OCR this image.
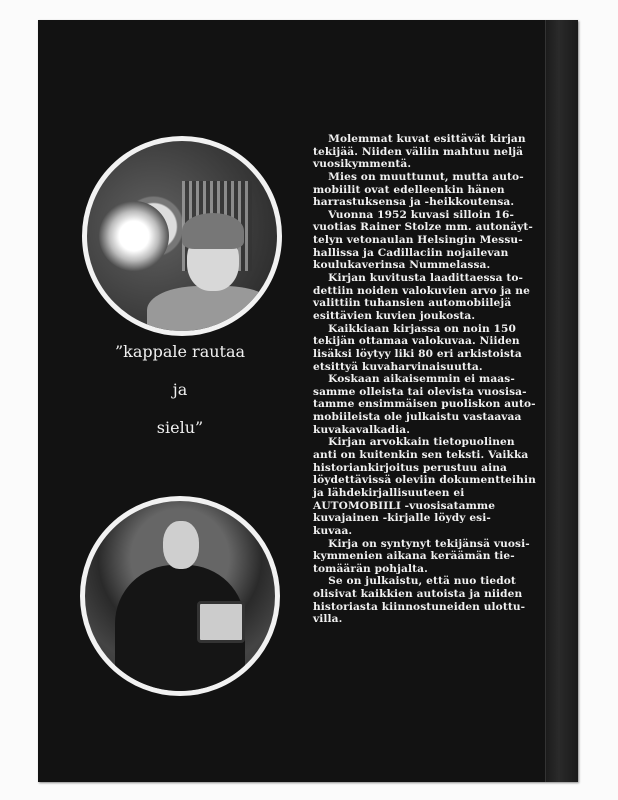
”kappale rautaa
ja
sielu”
Molemmat kuvat esittävät kirjan
tekijää. Niiden väliin mahtuu neljä
vuosikymmentä.
Mies on muuttunut, mutta auto-
mobiilit ovat edelleenkin hänen
harrastuksensa ja -heikkoutensa.
Vuonna 1952 kuvasi silloin 16-
vuotias Rainer Stolze mm. autonäyt-
telyn vetonaulan Helsingin Messu-
hallissa ja Cadillaciin nojailevan
koulukaverinsa Nummelassa.
Kirjan kuvitusta laadittaessa to-
dettiin noiden valokuvien arvo ja ne
valittiin tuhansien automobiilejä
esittävien kuvien joukosta.
Kaikkiaan kirjassa on noin 150
tekijän ottamaa valokuvaa. Niiden
lisäksi löytyy liki 80 eri arkistoista
etsittyä kuvaharvinaisuutta.
Koskaan aikaisemmin ei maas-
samme olleista tai olevista vuosisa-
tamme ensimmäisen puoliskon auto-
mobiileista ole julkaistu vastaavaa
kuvakavalkadia.
Kirjan arvokkain tietopuolinen
anti on kuitenkin sen teksti. Vaikka
historiankirjoitus perustuu aina
löydettävissä oleviin dokumentteihin
ja lähdekirjallisuuteen ei
AUTOMOBIILI -vuosisatamme
kuvajainen -kirjalle löydy esi-
kuvaa.
Kirja on syntynyt tekijänsä vuosi-
kymmenien aikana keräämän tie-
tomäärän pohjalta.
Se on julkaistu, että nuo tiedot
olisivat kaikkien autoista ja niiden
historiasta kiinnostuneiden ulottu-
villa.
